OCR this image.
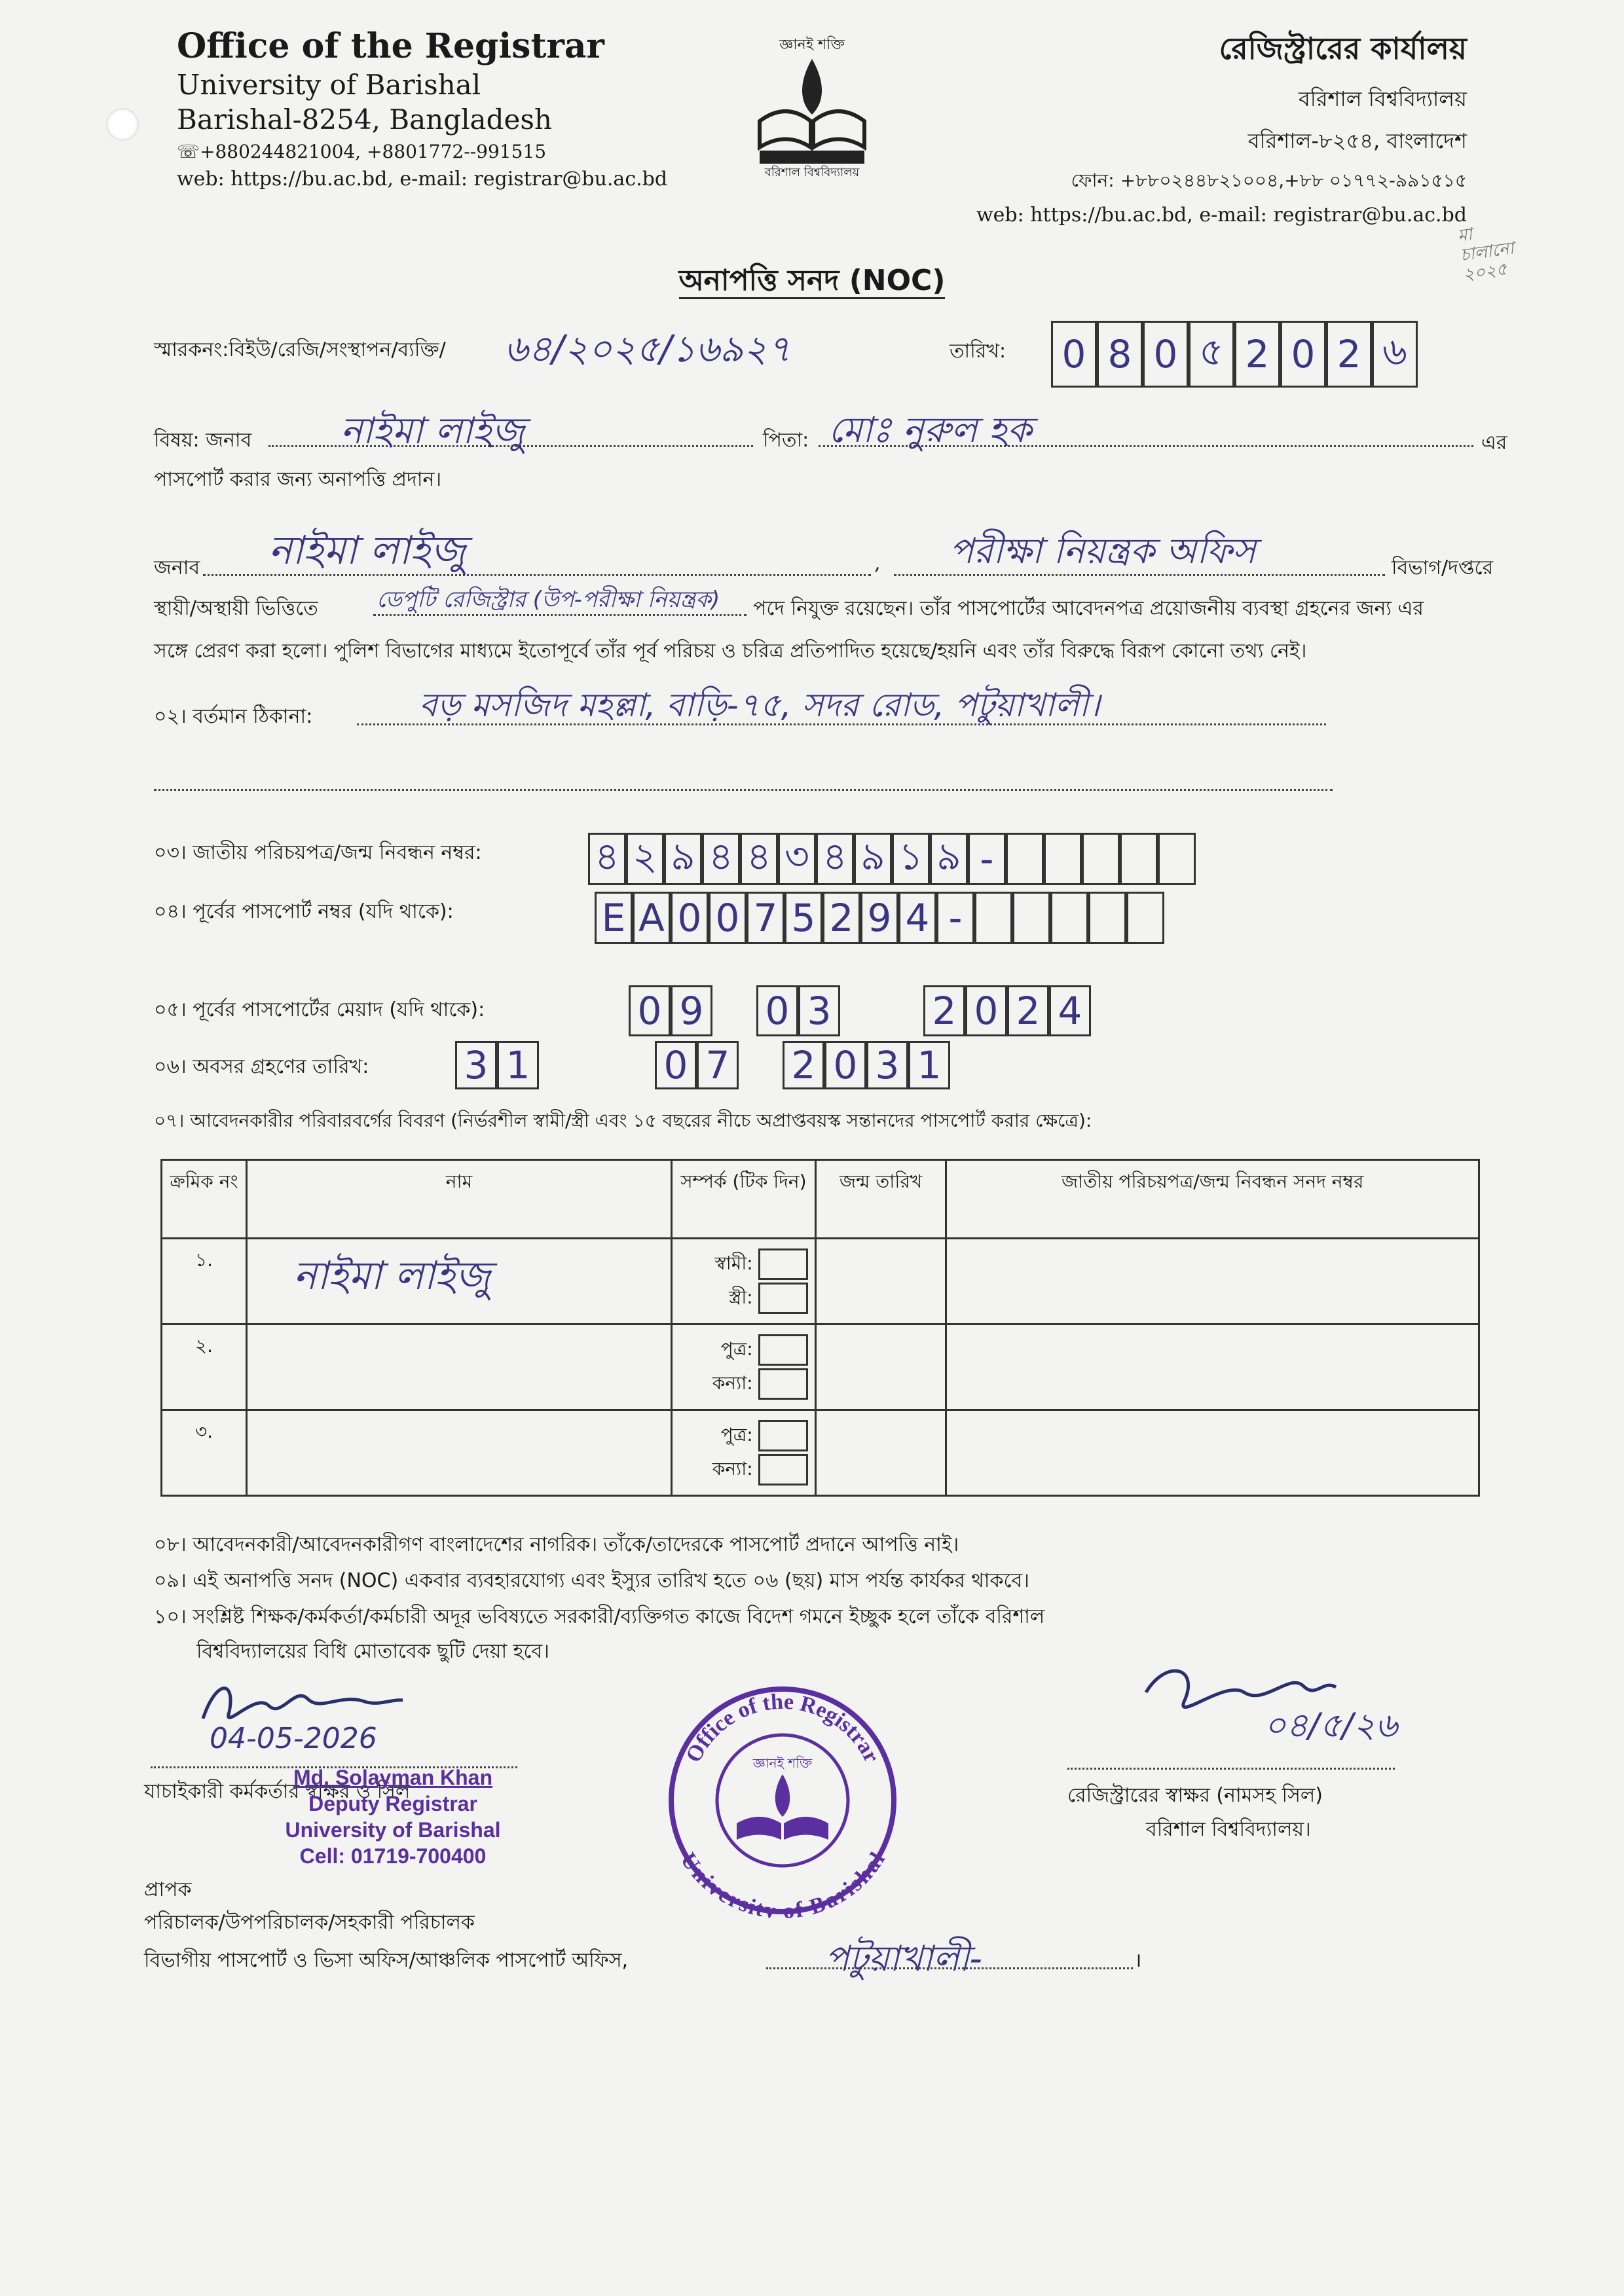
Office of the Registrar

University of Barishal

Barishal-8254, Bangladesh

☏+880244821004, +8801772--991515

web: https://bu.ac.bd, e-mail: registrar@bu.ac.bd

জ্ঞানই শক্তি
বরিশাল বিশ্ববিদ্যালয়

রেজিস্ট্রারের কার্যালয়

বরিশাল বিশ্ববিদ্যালয়

বরিশাল-৮২৫৪, বাংলাদেশ

ফোন: +৮৮০২৪৪৮২১০০৪,+৮৮ ০১৭৭২-৯৯১৫১৫

web: https://bu.ac.bd, e-mail: registrar@bu.ac.bd

মা
চালানো
২০২৫
অনাপত্তি সনদ (NOC)
স্মারকনং:বিইউ/রেজি/সংস্থাপন/ব্যক্তি/ ৬৪/২০২৫/১৬৯২৭	তারিখ: 0 8 0 ৫ 2 0 2 ৬
বিষয়: জনাব নাইমা লাইজু	পিতা: মোঃ নুরুল হক	এর
পাসপোর্ট করার জন্য অনাপত্তি প্রদান।
জনাব নাইমা লাইজু	, পরীক্ষা নিয়ন্ত্রক অফিস	বিভাগ/দপ্তরে
স্থায়ী/অস্থায়ী ভিত্তিতে	ডেপুটি রেজিস্ট্রার (উপ-পরীক্ষা নিয়ন্ত্রক) পদে নিযুক্ত রয়েছেন। তাঁর পাসপোর্টের আবেদনপত্র প্রয়োজনীয় ব্যবস্থা গ্রহনের জন্য এর
সঙ্গে প্রেরণ করা হলো। পুলিশ বিভাগের মাধ্যমে ইতোপূর্বে তাঁর পূর্ব পরিচয় ও চরিত্র প্রতিপাদিত হয়েছে/হয়নি এবং তাঁর বিরুদ্ধে বিরূপ কোনো তথ্য নেই।
০২। বর্তমান ঠিকানা:	বড় মসজিদ মহল্লা, বাড়ি-৭৫, সদর রোড, পটুয়াখালী।
০৩। জাতীয় পরিচয়পত্র/জন্ম নিবন্ধন নম্বর:	৪ ২ ৯ ৪ ৪ ৩ ৪ ৯ ১ ৯ -
০৪। পূর্বের পাসপোর্ট নম্বর (যদি থাকে):	E A 0 0 7 5 2 9 4 -
০৫। পূর্বের পাসপোর্টের মেয়াদ (যদি থাকে):	0 9 0 3	2 0 2 4
০৬। অবসর গ্রহণের তারিখ:	3 1	0 7 2 0 3 1
০৭। আবেদনকারীর পরিবারবর্গের বিবরণ (নির্ভরশীল স্বামী/স্ত্রী এবং ১৫ বছরের নীচে অপ্রাপ্তবয়স্ক সন্তানদের পাসপোর্ট করার ক্ষেত্রে):
ক্রমিক নং	নাম	সম্পর্ক (টিক দিন)	জন্ম তারিখ	জাতীয় পরিচয়পত্র/জন্ম নিবন্ধন সনদ নম্বর
১.	নাইমা লাইজু	স্বামী:
স্ত্রী:		

২.		পুত্র:
কন্যা:		

৩.		পুত্র:
কন্যা:		

০৮। আবেদনকারী/আবেদনকারীগণ বাংলাদেশের নাগরিক। তাঁকে/তাদেরকে পাসপোর্ট প্রদানে আপত্তি নাই।
০৯। এই অনাপত্তি সনদ (NOC) একবার ব্যবহারযোগ্য এবং ইস্যুর তারিখ হতে ০৬ (ছয়) মাস পর্যন্ত কার্যকর থাকবে।
১০। সংশ্লিষ্ট শিক্ষক/কর্মকর্তা/কর্মচারী অদূর ভবিষ্যতে সরকারী/ব্যক্তিগত কাজে বিদেশ গমনে ইচ্ছুক হলে তাঁকে বরিশাল
বিশ্ববিদ্যালয়ের বিধি মোতাবেক ছুটি দেয়া হবে।
04-05-2026
যাচাইকারী কর্মকর্তার স্বাক্ষর ও সিল
Md. Solayman Khan
Deputy Registrar
University of Barishal
Cell: 01719-700400
Office of the Registrar
University of Barishal
জ্ঞানই শক্তি
০৪/৫/২৬
রেজিস্ট্রারের স্বাক্ষর (নামসহ সিল)
বরিশাল বিশ্ববিদ্যালয়।
প্রাপক
পরিচালক/উপপরিচালক/সহকারী পরিচালক
বিভাগীয় পাসপোর্ট ও ভিসা অফিস/আঞ্চলিক পাসপোর্ট অফিস,	পটুয়াখালী-	।
